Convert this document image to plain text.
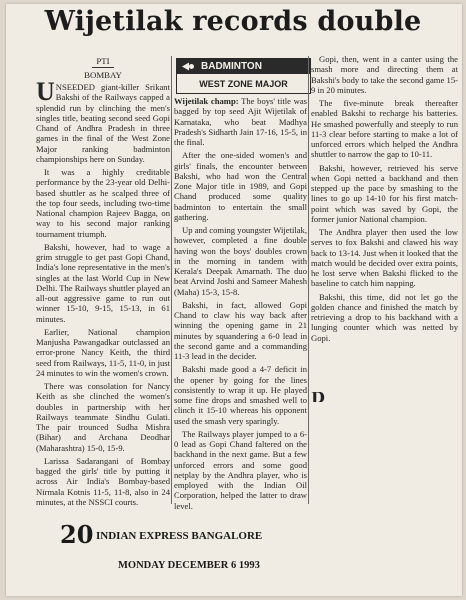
Wijetilak records double
PTI
BOMBAY
BADMINTON
WEST ZONE MAJOR

UNSEEDED giant-killer Srikant Bakshi of the Railways capped a splendid run by clinching the men's singles title, beating second seed Gopi Chand of Andhra Pradesh in three games in the final of the West Zone Major ranking badminton championships here on Sunday.

It was a highly creditable performance by the 23-year old Delhi-based shuttler as he scalped three of the top four seeds, including two-time National champion Rajeev Bagga, on way to his second major ranking tournament triumph.

Bakshi, however, had to wage a grim struggle to get past Gopi Chand, India's lone representative in the men's singles at the last World Cup in New Delhi. The Railways shuttler played an all-out aggressive game to run out winner 15-10, 9-15, 15-13, in 61 minutes.

Earlier, National champion Manjusha Pawangadkar outclassed an error-prone Nancy Keith, the third seed from Railways, 11-5, 11-0, in just 24 minutes to win the women's crown.

There was consolation for Nancy Keith as she clinched the women's doubles in partnership with her Railways teammate Sindhu Gulati. The pair trounced Sudha Mishra (Bihar) and Archana Deodhar (Maharashtra) 15-0, 15-9.

Larissa Sadarangani of Bombay bagged the girls' title by putting it across Air India's Bombay-based Nirmala Kotnis 11-5, 11-8, also in 24 minutes, at the NSSCI courts.

Wijetilak champ: The boys' title was bagged by top seed Ajit Wijetilak of Karnataka, who beat Madhya Pradesh's Sidharth Jain 17-16, 15-5, in the final.

After the one-sided women's and girls' finals, the encounter between Bakshi, who had won the Central Zone Major title in 1989, and Gopi Chand produced some quality badminton to entertain the small gathering.

Up and coming youngster Wijetilak, however, completed a fine double having won the boys' doubles crown in the morning in tandem with Kerala's Deepak Amarnath. The duo beat Arvind Joshi and Sameer Mahesh (Maha) 15-3, 15-8.

Bakshi, in fact, allowed Gopi Chand to claw his way back after winning the opening game in 21 minutes by squandering a 6-0 lead in the second game and a commanding 11-3 lead in the decider.

Bakshi made good a 4-7 deficit in the opener by going for the lines consistently to wrap it up. He played some fine drops and smashed well to clinch it 15-10 whereas his opponent used the smash very sparingly.

The Railways player jumped to a 6-0 lead as Gopi Chand faltered on the backhand in the next game. But a few unforced errors and some good netplay by the Andhra player, who is employed with the Indian Oil Corporation, helped the latter to draw level.

Gopi, then, went in a canter using the smash more and directing them at Bakshi's body to take the second game 15-9 in 20 minutes.

The five-minute break thereafter enabled Bakshi to recharge his batteries. He smashed powerfully and steeply to run 11-3 clear before starting to make a lot of unforced errors which helped the Andhra shuttler to narrow the gap to 10-11.

Bakshi, however, retrieved his serve when Gopi netted a backhand and then stepped up the pace by smashing to the lines to go up 14-10 for his first match-point which was saved by Gopi, the former junior National champion.

The Andhra player then used the low serves to fox Bakshi and clawed his way back to 13-14. Just when it looked that the match would be decided over extra points, he lost serve when Bakshi flicked to the baseline to catch him napping.

Bakshi, this time, did not let go the golden chance and finished the match by retrieving a drop to his backhand with a lunging counter which was netted by Gopi.

D
20 INDIAN EXPRESS BANGALORE
MONDAY DECEMBER 6 1993
